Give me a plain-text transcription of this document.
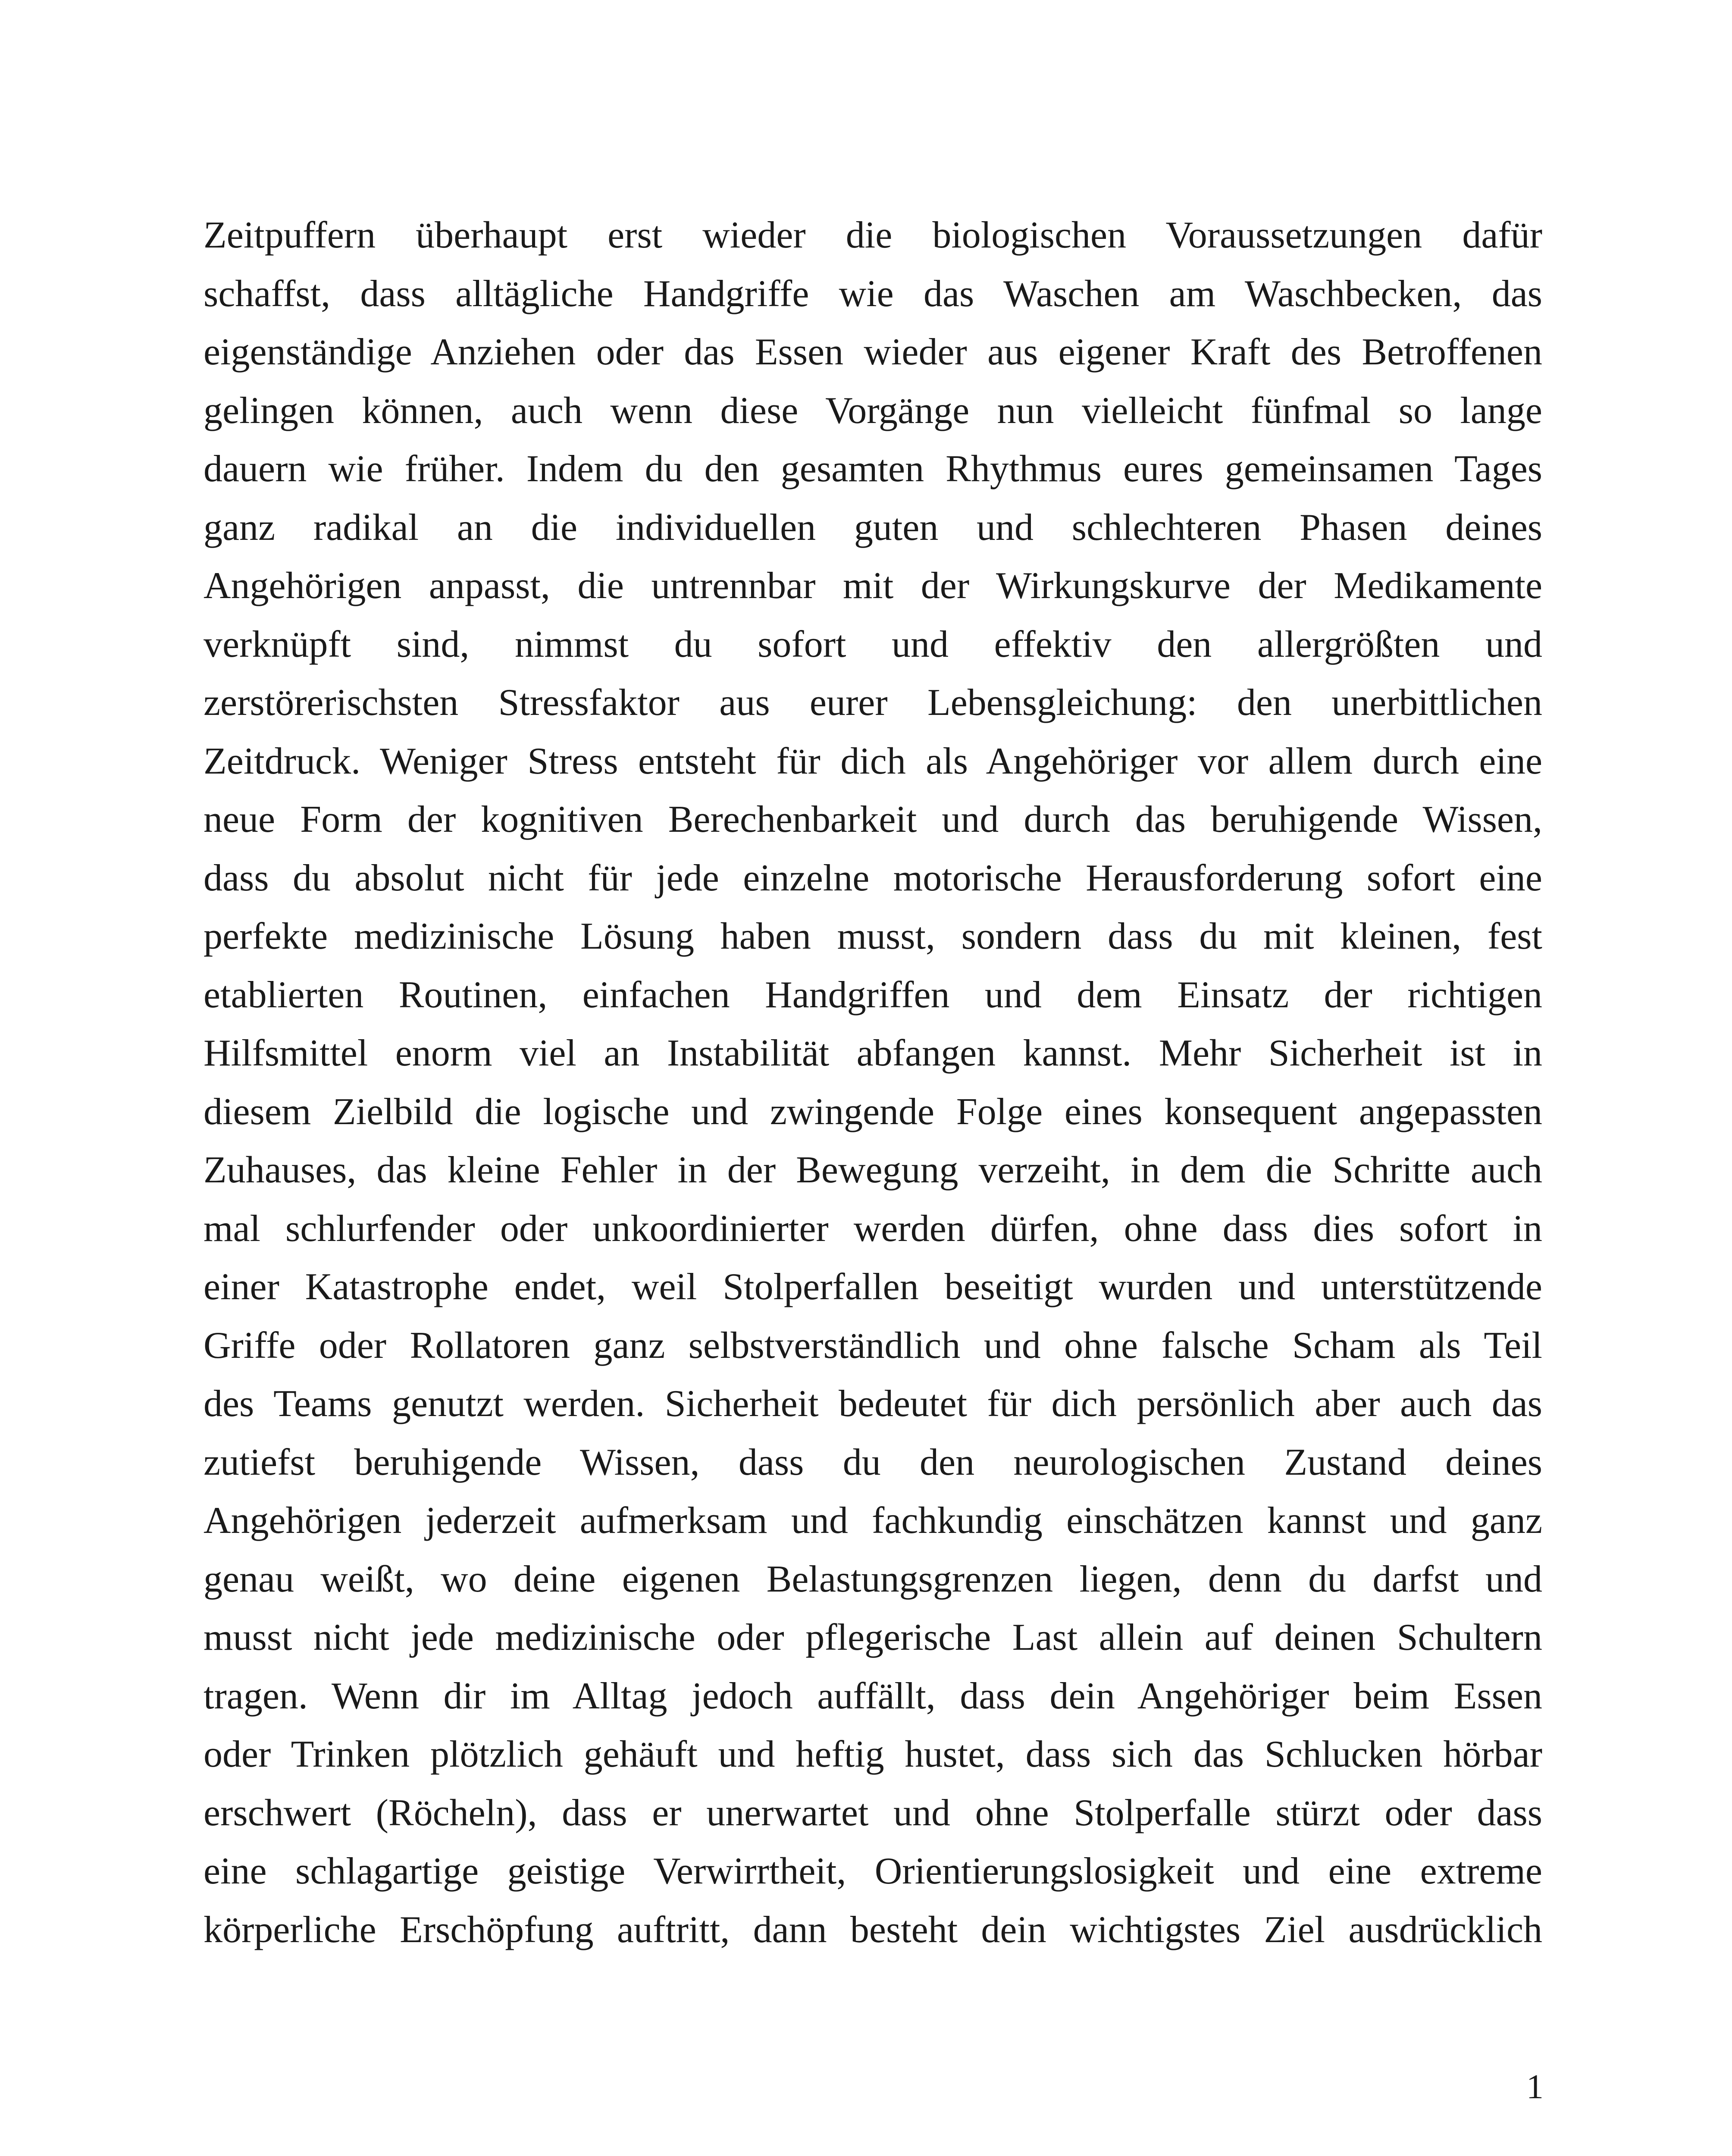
Zeitpuffern überhaupt erst wieder die biologischen Voraussetzungen dafür
schaffst, dass alltägliche Handgriffe wie das Waschen am Waschbecken, das
eigenständige Anziehen oder das Essen wieder aus eigener Kraft des Betroffenen
gelingen können, auch wenn diese Vorgänge nun vielleicht fünfmal so lange
dauern wie früher. Indem du den gesamten Rhythmus eures gemeinsamen Tages
ganz radikal an die individuellen guten und schlechteren Phasen deines
Angehörigen anpasst, die untrennbar mit der Wirkungskurve der Medikamente
verknüpft sind, nimmst du sofort und effektiv den allergrößten und
zerstörerischsten Stressfaktor aus eurer Lebensgleichung: den unerbittlichen
Zeitdruck. Weniger Stress entsteht für dich als Angehöriger vor allem durch eine
neue Form der kognitiven Berechenbarkeit und durch das beruhigende Wissen,
dass du absolut nicht für jede einzelne motorische Herausforderung sofort eine
perfekte medizinische Lösung haben musst, sondern dass du mit kleinen, fest
etablierten Routinen, einfachen Handgriffen und dem Einsatz der richtigen
Hilfsmittel enorm viel an Instabilität abfangen kannst. Mehr Sicherheit ist in
diesem Zielbild die logische und zwingende Folge eines konsequent angepassten
Zuhauses, das kleine Fehler in der Bewegung verzeiht, in dem die Schritte auch
mal schlurfender oder unkoordinierter werden dürfen, ohne dass dies sofort in
einer Katastrophe endet, weil Stolperfallen beseitigt wurden und unterstützende
Griffe oder Rollatoren ganz selbstverständlich und ohne falsche Scham als Teil
des Teams genutzt werden. Sicherheit bedeutet für dich persönlich aber auch das
zutiefst beruhigende Wissen, dass du den neurologischen Zustand deines
Angehörigen jederzeit aufmerksam und fachkundig einschätzen kannst und ganz
genau weißt, wo deine eigenen Belastungsgrenzen liegen, denn du darfst und
musst nicht jede medizinische oder pflegerische Last allein auf deinen Schultern
tragen. Wenn dir im Alltag jedoch auffällt, dass dein Angehöriger beim Essen
oder Trinken plötzlich gehäuft und heftig hustet, dass sich das Schlucken hörbar
erschwert (Röcheln), dass er unerwartet und ohne Stolperfalle stürzt oder dass
eine schlagartige geistige Verwirrtheit, Orientierungslosigkeit und eine extreme
körperliche Erschöpfung auftritt, dann besteht dein wichtigstes Ziel ausdrücklich

1
